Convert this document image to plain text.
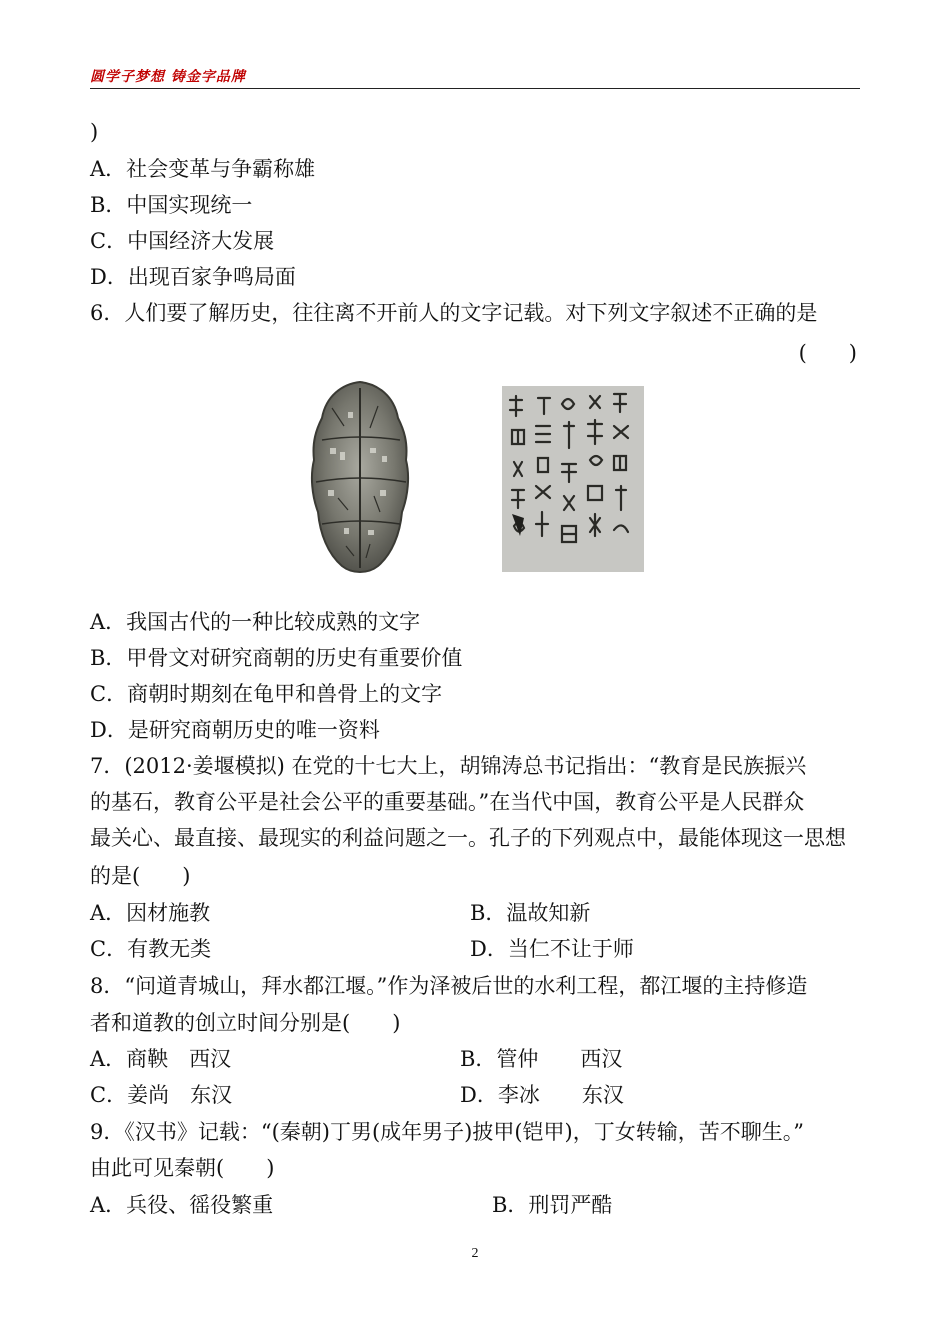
圆学子梦想 铸金字品牌
)
A．社会变革与争霸称雄
B．中国实现统一
C．中国经济大发展
D．出现百家争鸣局面
6．人们要了解历史，往往离不开前人的文字记载。对下列文字叙述不正确的是
(　　)
A．我国古代的一种比较成熟的文字
B．甲骨文对研究商朝的历史有重要价值
C．商朝时期刻在龟甲和兽骨上的文字
D．是研究商朝历史的唯一资料
7．(2012·姜堰模拟) 在党的十七大上，胡锦涛总书记指出：“教育是民族振兴
的基石，教育公平是社会公平的重要基础。”在当代中国，教育公平是人民群众
最关心、最直接、最现实的利益问题之一。孔子的下列观点中，最能体现这一思想
的是(　　)
A．因材施教	B．温故知新
C．有教无类	D．当仁不让于师
8．“问道青城山，拜水都江堰。”作为泽被后世的水利工程，都江堰的主持修造
者和道教的创立时间分别是(　　)
A．商鞅　西汉	B．管仲　　西汉
C．姜尚　东汉	D．李冰　　东汉
9．《汉书》记载：“(秦朝)丁男(成年男子)披甲(铠甲)，丁女转输，苦不聊生。”
由此可见秦朝(　　)
A．兵役、徭役繁重	B．刑罚严酷
2
